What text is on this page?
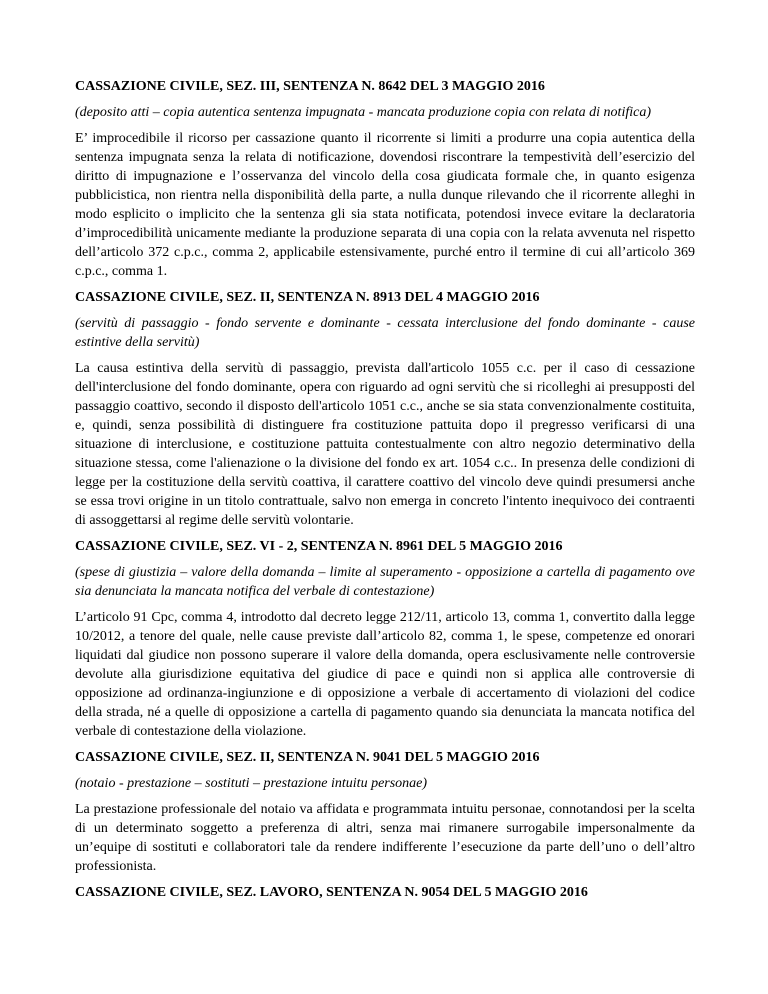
CASSAZIONE CIVILE, SEZ. III, SENTENZA N. 8642 DEL 3 MAGGIO 2016

(deposito atti – copia autentica sentenza impugnata - mancata produzione copia con relata di notifica)

E’ improcedibile il ricorso per cassazione quanto il ricorrente si limiti a produrre una copia autentica della sentenza impugnata senza la relata di notificazione, dovendosi riscontrare la tempestività dell’esercizio del diritto di impugnazione e l’osservanza del vincolo della cosa giudicata formale che, in quanto esigenza pubblicistica, non rientra nella disponibilità della parte, a nulla dunque rilevando che il ricorrente alleghi in modo esplicito o implicito che la sentenza gli sia stata notificata, potendosi invece evitare la declaratoria d’improcedibilità unicamente mediante la produzione separata di una copia con la relata avvenuta nel rispetto dell’articolo 372 c.p.c., comma 2, applicabile estensivamente, purché entro il termine di cui all’articolo 369 c.p.c., comma 1.

CASSAZIONE CIVILE, SEZ. II, SENTENZA N. 8913 DEL 4 MAGGIO 2016

(servitù di passaggio - fondo servente e dominante - cessata interclusione del fondo dominante - cause estintive della servitù)

La causa estintiva della servitù di passaggio, prevista dall'articolo 1055 c.c. per il caso di cessazione dell'interclusione del fondo dominante, opera con riguardo ad ogni servitù che si ricolleghi ai presupposti del passaggio coattivo, secondo il disposto dell'articolo 1051 c.c., anche se sia stata convenzionalmente costituita, e, quindi, senza possibilità di distinguere fra costituzione pattuita dopo il pregresso verificarsi di una situazione di interclusione, e costituzione pattuita contestualmente con altro negozio determinativo della situazione stessa, come l'alienazione o la divisione del fondo ex art. 1054 c.c.. In presenza delle condizioni di legge per la costituzione della servitù coattiva, il carattere coattivo del vincolo deve quindi presumersi anche se essa trovi origine in un titolo contrattuale, salvo non emerga in concreto l'intento inequivoco dei contraenti di assoggettarsi al regime delle servitù volontarie.

CASSAZIONE CIVILE, SEZ. VI - 2, SENTENZA N. 8961 DEL 5 MAGGIO 2016

(spese di giustizia – valore della domanda – limite al superamento - opposizione a cartella di pagamento ove sia denunciata la mancata notifica del verbale di contestazione)

L’articolo 91 Cpc, comma 4, introdotto dal decreto legge 212/11, articolo 13, comma 1, convertito dalla legge 10/2012, a tenore del quale, nelle cause previste dall’articolo 82, comma 1, le spese, competenze ed onorari liquidati dal giudice non possono superare il valore della domanda, opera esclusivamente nelle controversie devolute alla giurisdizione equitativa del giudice di pace e quindi non si applica alle controversie di opposizione ad ordinanza-ingiunzione e di opposizione a verbale di accertamento di violazioni del codice della strada, né a quelle di opposizione a cartella di pagamento quando sia denunciata la mancata notifica del verbale di contestazione della violazione.

CASSAZIONE CIVILE, SEZ. II, SENTENZA N. 9041 DEL 5 MAGGIO 2016

(notaio - prestazione – sostituti – prestazione intuitu personae)

La prestazione professionale del notaio va affidata e programmata intuitu personae, connotandosi per la scelta di un determinato soggetto a preferenza di altri, senza mai rimanere surrogabile impersonalmente da un’equipe di sostituti e collaboratori tale da rendere indifferente l’esecuzione da parte dell’uno o dell’altro professionista.

CASSAZIONE CIVILE, SEZ. LAVORO, SENTENZA N. 9054 DEL 5 MAGGIO 2016
